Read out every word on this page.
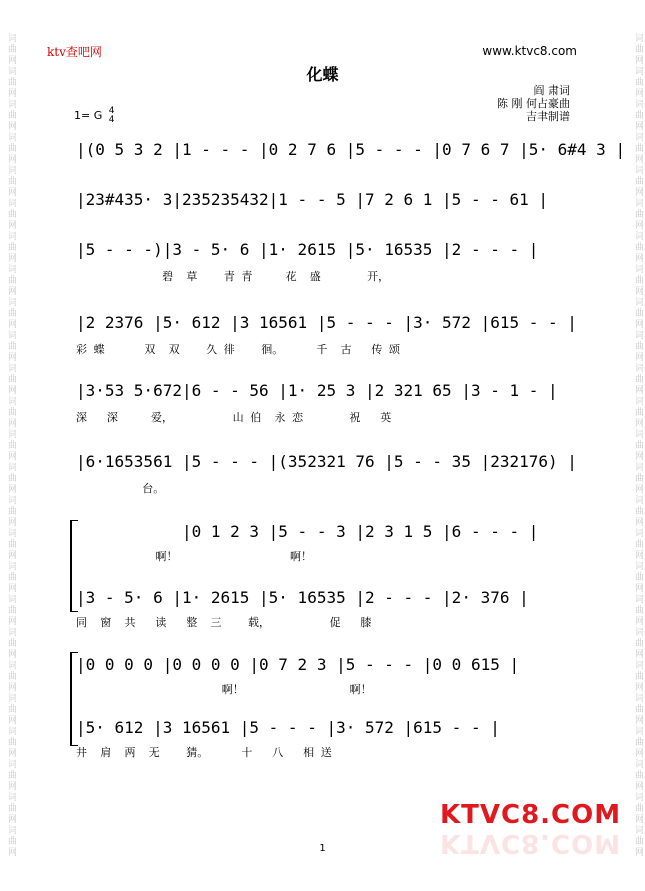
词曲网词曲网词曲网词曲网词曲网词曲网词曲网词曲网词曲网词曲网词曲网词曲网词曲网词曲网词曲网词曲网词曲网词曲网词曲网词曲网词曲网词曲网词曲网词曲网词曲网	词曲网词曲网词曲网词曲网词曲网词曲网词曲网词曲网词曲网词曲网词曲网词曲网词曲网词曲网词曲网词曲网词曲网词曲网词曲网词曲网词曲网词曲网词曲网词曲网词曲网
ktv查吧网	www.ktvc8.com
化蝶
阎 肃词
陈 刚 何占豪曲
吉聿制谱
1= G 4
4
|(0 5 3 2 |1 - - - |0 2 7 6 |5 - - - |0 7 6 7 |5· 6#4 3 |
|23#435· 3|235235432|1 - - 5 |7 2 6 1 |5 - - 61 |
|5 - - -)|3 - 5· 6 |1· 2615 |5· 16535 |2 - - - |
碧  草    青 青     花  盛       开，
|2 2376 |5· 612 |3 16561 |5 - - - |3· 572 |615 - - |
彩 蝶      双  双    久 徘    徊。     千  古   传 颂
|3·53 5·672|6 - - 56 |1· 25 3 |2 321 65 |3 - 1 - |
深   深     爱，         山 伯  永 恋       祝   英
|6·1653561 |5 - - - |(352321 76 |5 - - 35 |232176) |
台。
|0 1 2 3 |5 - - 3 |2 3 1 5 |6 - - - |
啊！                 啊！
|3 - 5· 6 |1· 2615 |5· 16535 |2 - - - |2· 376 |
同  窗  共   读   整  三    载，         促   膝
|0 0 0 0 |0 0 0 0 |0 7 2 3 |5 - - - |0 0 615 |
啊！                啊！
|5· 612 |3 16561 |5 - - - |3· 572 |615 - - |
井  肩  两  无    猜。     十   八   相 送
KTVC8.COM
KTVC8.COM
1
